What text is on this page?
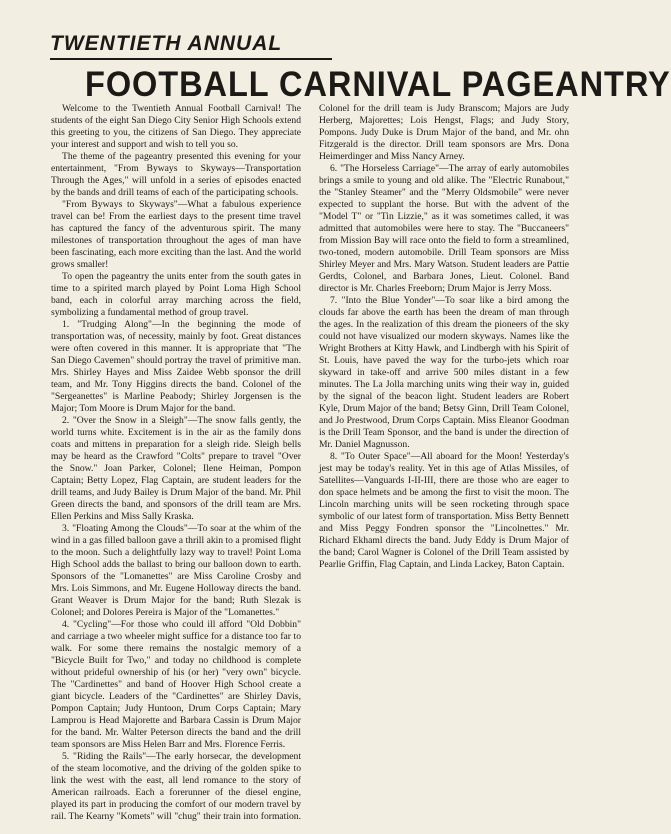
TWENTIETH ANNUAL
FOOTBALL CARNIVAL PAGEANTRY

Welcome to the Twentieth Annual Football Carnival! The students of the eight San Diego City Senior High Schools extend this greeting to you, the citizens of San Diego. They appreciate your interest and support and wish to tell you so.

The theme of the pageantry presented this evening for your entertainment, "From Byways to Skyways—Transportation Through the Ages," will unfold in a series of episodes enacted by the bands and drill teams of each of the participating schools.

"From Byways to Skyways"—What a fabulous experience travel can be! From the earliest days to the present time travel has captured the fancy of the adventurous spirit. The many milestones of transportation throughout the ages of man have been fascinating, each more exciting than the last. And the world grows smaller!

To open the pageantry the units enter from the south gates in time to a spirited march played by Point Loma High School band, each in colorful array marching across the field, symbolizing a fundamental method of group travel.

1. "Trudging Along"—In the beginning the mode of transportation was, of necessity, mainly by foot. Great distances were often covered in this manner. It is appropriate that "The San Diego Cavemen" should portray the travel of primitive man. Mrs. Shirley Hayes and Miss Zaidee Webb sponsor the drill team, and Mr. Tony Higgins directs the band. Colonel of the "Sergeanettes" is Marline Peabody; Shirley Jorgensen is the Major; Tom Moore is Drum Major for the band.

2. "Over the Snow in a Sleigh"—The snow falls gently, the world turns white. Excitement is in the air as the family dons coats and mittens in preparation for a sleigh ride. Sleigh bells may be heard as the Crawford "Colts" prepare to travel "Over the Snow." Joan Parker, Colonel; Ilene Heiman, Pompon Captain; Betty Lopez, Flag Captain, are student leaders for the drill teams, and Judy Bailey is Drum Major of the band. Mr. Phil Green directs the band, and sponsors of the drill team are Mrs. Ellen Perkins and Miss Sally Kraska.

3. "Floating Among the Clouds"—To soar at the whim of the wind in a gas filled balloon gave a thrill akin to a promised flight to the moon. Such a delightfully lazy way to travel! Point Loma High School adds the ballast to bring our balloon down to earth. Sponsors of the "Lomanettes" are Miss Caroline Crosby and Mrs. Lois Simmons, and Mr. Eugene Holloway directs the band. Grant Weaver is Drum Major for the band; Ruth Slezak is Colonel; and Dolores Pereira is Major of the "Lomanettes."

4. "Cycling"—For those who could ill afford "Old Dobbin" and carriage a two wheeler might suffice for a distance too far to walk. For some there remains the nostalgic memory of a "Bicycle Built for Two," and today no childhood is complete without prideful ownership of his (or her) "very own" bicycle. The "Cardinettes" and band of Hoover High School create a giant bicycle. Leaders of the "Cardinettes" are Shirley Davis, Pompon Captain; Judy Huntoon, Drum Corps Captain; Mary Lamprou is Head Majorette and Barbara Cassin is Drum Major for the band. Mr. Walter Peterson directs the band and the drill team sponsors are Miss Helen Barr and Mrs. Florence Ferris.

5. "Riding the Rails"—The early horsecar, the development of the steam locomotive, and the driving of the golden spike to link the west with the east, all lend romance to the story of American railroads. Each a forerunner of the diesel engine, played its part in producing the comfort of our modern travel by rail. The Kearny "Komets" will "chug" their train into formation. Colonel for the drill team is Judy Branscom; Majors are Judy Herberg, Majorettes; Lois Hengst, Flags; and Judy Story, Pompons. Judy Duke is Drum Major of the band, and Mr. ohn Fitzgerald is the director. Drill team sponsors are Mrs. Dona Heimerdinger and Miss Nancy Arney.

6. "The Horseless Carriage"—The array of early automobiles brings a smile to young and old alike. The "Electric Runabout," the "Stanley Steamer" and the "Merry Oldsmobile" were never expected to supplant the horse. But with the advent of the "Model T" or "Tin Lizzie," as it was sometimes called, it was admitted that automobiles were here to stay. The "Buccaneers" from Mission Bay will race onto the field to form a streamlined, two-toned, modern automobile. Drill Team sponsors are Miss Shirley Meyer and Mrs. Mary Watson. Student leaders are Pattie Gerdts, Colonel, and Barbara Jones, Lieut. Colonel. Band director is Mr. Charles Freeborn; Drum Major is Jerry Moss.

7. "Into the Blue Yonder"—To soar like a bird among the clouds far above the earth has been the dream of man through the ages. In the realization of this dream the pioneers of the sky could not have visualized our modern skyways. Names like the Wright Brothers at Kitty Hawk, and Lindbergh with his Spirit of St. Louis, have paved the way for the turbo-jets which roar skyward in take-off and arrive 500 miles distant in a few minutes. The La Jolla marching units wing their way in, guided by the signal of the beacon light. Student leaders are Robert Kyle, Drum Major of the band; Betsy Ginn, Drill Team Colonel, and Jo Prestwood, Drum Corps Captain. Miss Eleanor Goodman is the Drill Team Sponsor, and the band is under the direction of Mr. Daniel Magnusson.

8. "To Outer Space"—All aboard for the Moon! Yesterday's jest may be today's reality. Yet in this age of Atlas Missiles, of Satellites—Vanguards I-II-III, there are those who are eager to don space helmets and be among the first to visit the moon. The Lincoln marching units will be seen rocketing through space symbolic of our latest form of transportation. Miss Betty Bennett and Miss Peggy Fondren sponsor the "Lincolnettes." Mr. Richard Ekhaml directs the band. Judy Eddy is Drum Major of the band; Carol Wagner is Colonel of the Drill Team assisted by Pearlie Griffin, Flag Captain, and Linda Lackey, Baton Captain.
